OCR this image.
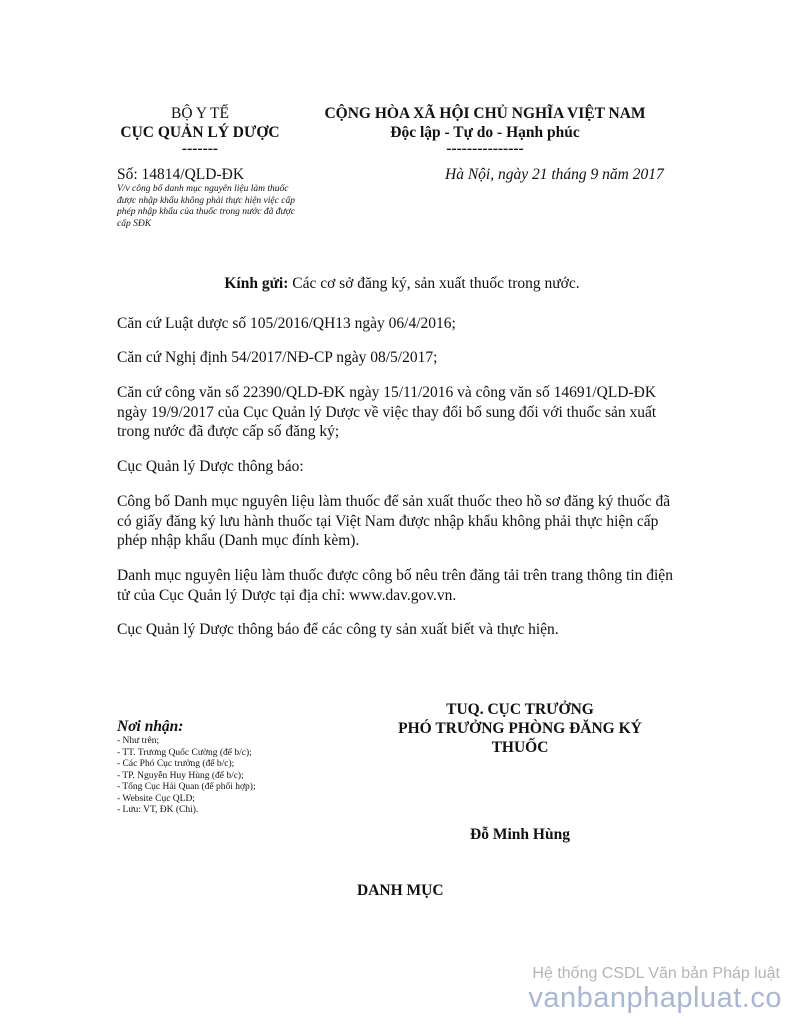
BỘ Y TẾ
CỤC QUẢN LÝ DƯỢC
-------
CỘNG HÒA XÃ HỘI CHỦ NGHĨA VIỆT NAM
Độc lập - Tự do - Hạnh phúc
---------------
Số: 14814/QLD-ĐK
V/v công bố danh mục nguyên liệu làm thuốc được nhập khẩu không phải thực hiện việc cấp phép nhập khẩu của thuốc trong nước đã được cấp SĐK
Hà Nội, ngày 21 tháng 9 năm 2017
Kính gửi: Các cơ sở đăng ký, sản xuất thuốc trong nước.

Căn cứ Luật dược số 105/2016/QH13 ngày 06/4/2016;

Căn cứ Nghị định 54/2017/NĐ-CP ngày 08/5/2017;

Căn cứ công văn số 22390/QLD-ĐK ngày 15/11/2016 và công văn số 14691/QLD-ĐK ngày 19/9/2017 của Cục Quản lý Dược về việc thay đổi bổ sung đối với thuốc sản xuất trong nước đã được cấp số đăng ký;

Cục Quản lý Dược thông báo:

Công bố Danh mục nguyên liệu làm thuốc để sản xuất thuốc theo hồ sơ đăng ký thuốc đã có giấy đăng ký lưu hành thuốc tại Việt Nam được nhập khẩu không phải thực hiện cấp phép nhập khẩu (Danh mục đính kèm).

Danh mục nguyên liệu làm thuốc được công bố nêu trên đăng tải trên trang thông tin điện tử của Cục Quản lý Dược tại địa chỉ: www.dav.gov.vn.

Cục Quản lý Dược thông báo để các công ty sản xuất biết và thực hiện.

Nơi nhận:
- Như trên;
- TT. Trương Quốc Cường (để b/c);
- Các Phó Cục trưởng (để b/c);
- TP. Nguyễn Huy Hùng (để b/c);
- Tổng Cục Hải Quan (để phối hợp);
- Website Cục QLD;
- Lưu: VT, ĐK (Chi).
TUQ. CỤC TRƯỞNG
PHÓ TRƯỞNG PHÒNG ĐĂNG KÝ
THUỐC
Đỗ Minh Hùng
DANH MỤC
Hệ thống CSDL Văn bản Pháp luật
vanbanphapluat.co
